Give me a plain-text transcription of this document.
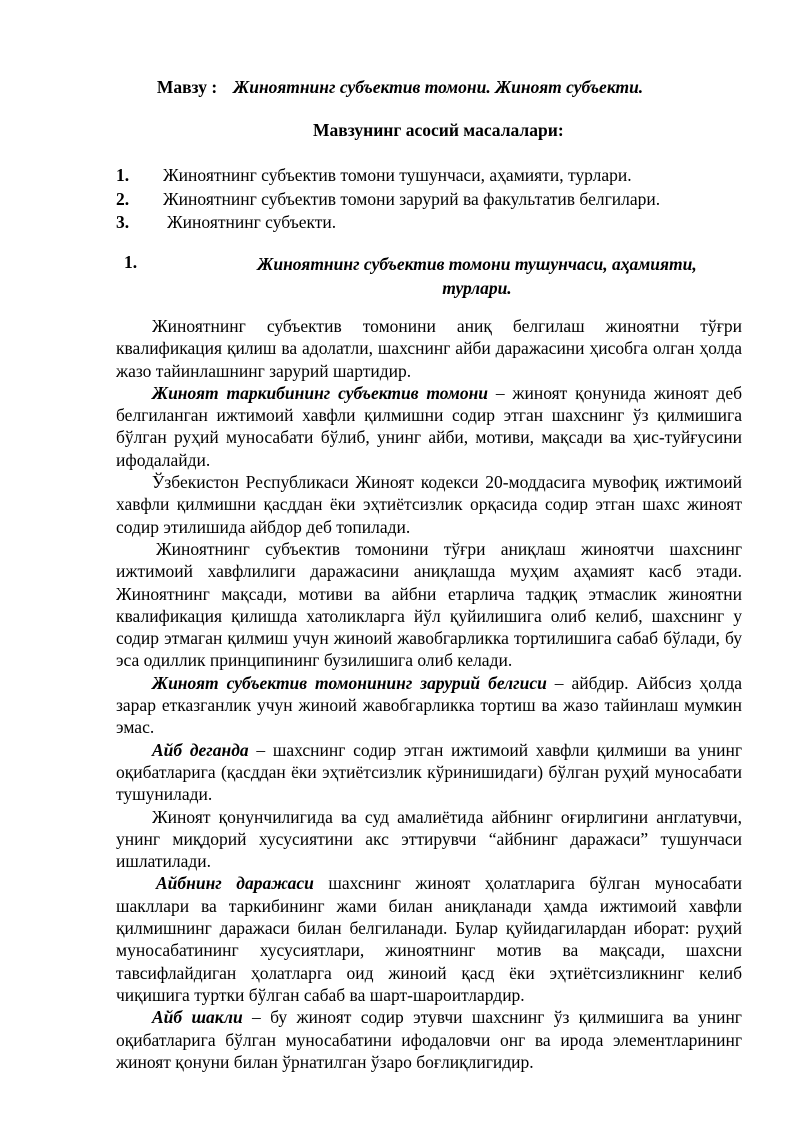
Мавзу : Жиноятнинг субъектив томони. Жиноят субъекти.
Мавзунинг асосий масалалари:
1. Жиноятнинг субъектив томони тушунчаси, аҳамияти, турлари.
2. Жиноятнинг субъектив томони зарурий ва факультатив белгилари.
3. Жиноятнинг субъекти.
1.	Жиноятнинг субъектив томони тушунчаси, аҳамияти,
турлари.

Жиноятнинг субъектив томонини аниқ белгилаш жиноятни тўғри квалификация қилиш ва адолатли, шахснинг айби даражасини ҳисобга олган ҳолда жазо тайинлашнинг зарурий шартидир.

Жиноят таркибининг субъектив томони – жиноят қонунида жиноят деб белгиланган ижтимоий хавфли қилмишни содир этган шахснинг ўз қилмишига бўлган руҳий муносабати бўлиб, унинг айби, мотиви, мақсади ва ҳис-туйғусини ифодалайди.

Ўзбекистон Республикаси Жиноят кодекси 20-моддасига мувофиқ ижтимоий хавфли қилмишни қасддан ёки эҳтиётсизлик орқасида содир этган шахс жиноят содир этилишида айбдор деб топилади.

Жиноятнинг субъектив томонини тўғри аниқлаш жиноятчи шахснинг ижтимоий хавфлилиги даражасини аниқлашда муҳим аҳамият касб этади. Жиноятнинг мақсади, мотиви ва айбни етарлича тадқиқ этмаслик жиноятни квалификация қилишда хатоликларга йўл қуйилишига олиб келиб, шахснинг у содир этмаган қилмиш учун жиноий жавобгарликка тортилишига сабаб бўлади, бу эса одиллик принципининг бузилишига олиб келади.

Жиноят субъектив томонининг зарурий белгиси – айбдир. Айбсиз ҳолда зарар етказганлик учун жиноий жавобгарликка тортиш ва жазо тайинлаш мумкин эмас.

Айб деганда – шахснинг содир этган ижтимоий хавфли қилмиши ва унинг оқибатларига (қасддан ёки эҳтиётсизлик кўринишидаги) бўлган руҳий муносабати тушунилади.

Жиноят қонунчилигида ва суд амалиётида айбнинг оғирлигини англатувчи, унинг миқдорий хусусиятини акс эттирувчи “айбнинг даражаси” тушунчаси ишлатилади.

Айбнинг даражаси шахснинг жиноят ҳолатларига бўлган муносабати шакллари ва таркибининг жами билан аниқланади ҳамда ижтимоий хавфли қилмишнинг даражаси билан белгиланади. Булар қуйидагилардан иборат: руҳий муносабатининг хусусиятлари, жиноятнинг мотив ва мақсади, шахсни тавсифлайдиган ҳолатларга оид жиноий қасд ёки эҳтиётсизликнинг келиб чиқишига туртки бўлган сабаб ва шарт-шароитлардир.

Айб шакли – бу жиноят содир этувчи шахснинг ўз қилмишига ва унинг оқибатларига бўлган муносабатини ифодаловчи онг ва ирода элементларининг жиноят қонуни билан ўрнатилган ўзаро боғлиқлигидир.
